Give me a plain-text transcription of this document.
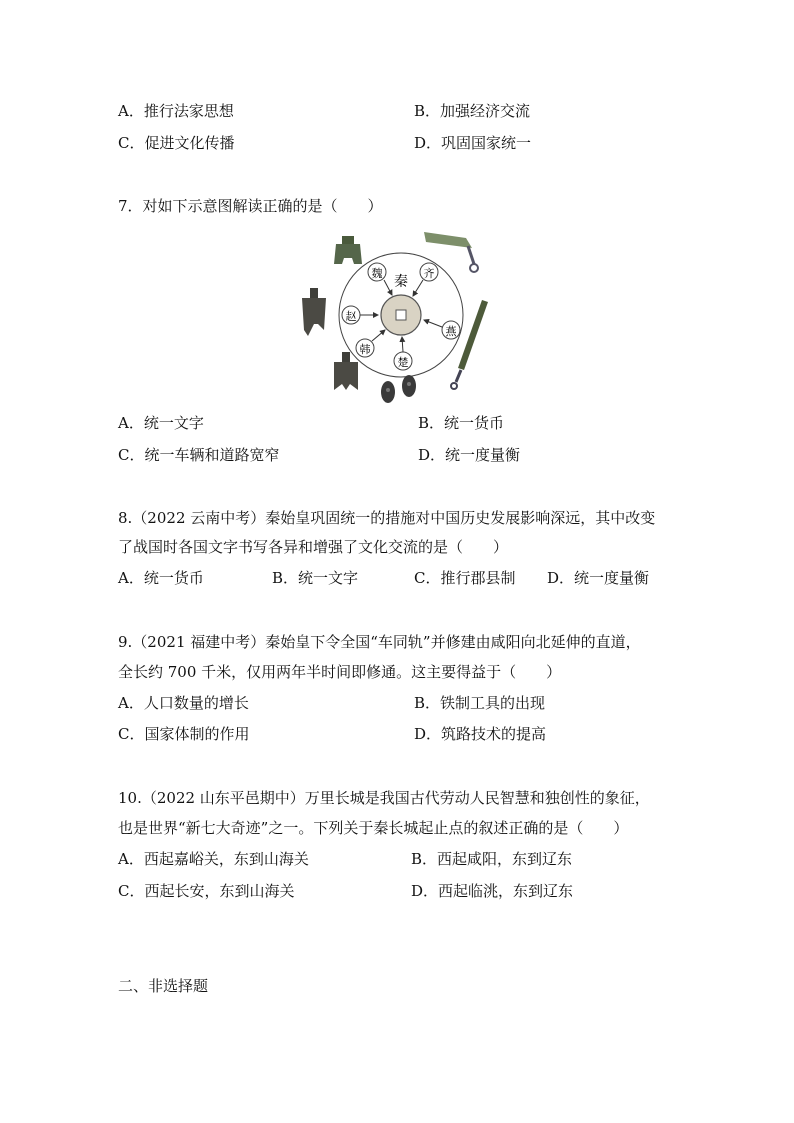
A．推行法家思想	B．加强经济交流
C．促进文化传播	D．巩固国家统一
7．对如下示意图解读正确的是（　　）
秦
魏	齐
赵
燕
韩
楚
A．统一文字	B．统一货币
C．统一车辆和道路宽窄	D．统一度量衡
8.（2022 云南中考）秦始皇巩固统一的措施对中国历史发展影响深远，其中改变
了战国时各国文字书写各异和增强了文化交流的是（　　）
A．统一货币	B．统一文字	C．推行郡县制 D．统一度量衡
9.（2021 福建中考）秦始皇下令全国“车同轨”并修建由咸阳向北延伸的直道，
全长约 700 千米，仅用两年半时间即修通。这主要得益于（　　）
A．人口数量的增长	B．铁制工具的出现
C．国家体制的作用	D．筑路技术的提高
10.（2022 山东平邑期中）万里长城是我国古代劳动人民智慧和独创性的象征，
也是世界“新七大奇迹”之一。下列关于秦长城起止点的叙述正确的是（　　）
A．西起嘉峪关，东到山海关	B．西起咸阳，东到辽东
C．西起长安，东到山海关	D．西起临洮，东到辽东
二、非选择题
